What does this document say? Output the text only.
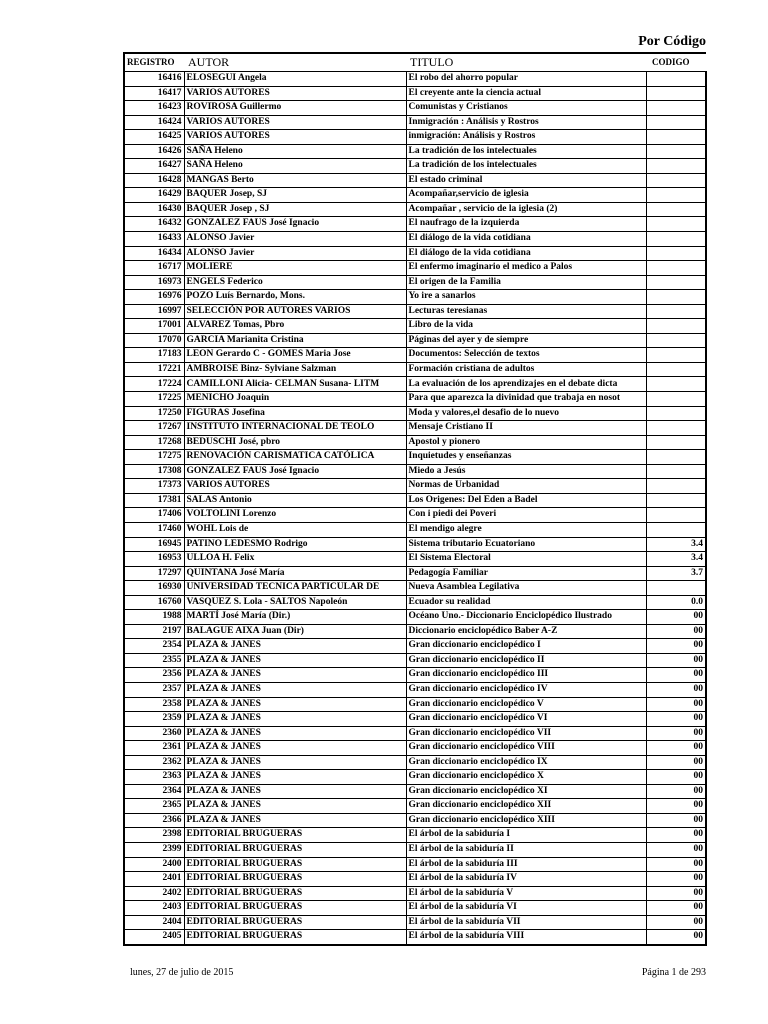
Por Código
REGISTRO	AUTOR	TITULO	CODIGO
16416	ELOSEGUI Angela	El robo del ahorro popular	
16417	VARIOS AUTORES	El creyente ante la ciencia actual	
16423	ROVIROSA Guillermo	Comunistas y Cristianos	
16424	VARIOS AUTORES	Inmigración : Análisis y Rostros	
16425	VARIOS AUTORES	inmigración: Análisis y Rostros	
16426	SAÑA Heleno	La tradición de los intelectuales	
16427	SAÑA Heleno	La tradición de los intelectuales	
16428	MANGAS Berto	El estado criminal	
16429	BAQUER Josep, SJ	Acompañar,servicio de iglesia	
16430	BAQUER Josep , SJ	Acompañar , servicio de la iglesia (2)	
16432	GONZALEZ FAUS José Ignacio	El naufrago de la izquierda	
16433	ALONSO Javier	El diálogo de la vida cotidiana	
16434	ALONSO Javier	El diálogo de la vida cotidiana	
16717	MOLIERE	El enfermo imaginario el medico a Palos	
16973	ENGELS Federico	El origen de la Familia	
16976	POZO Luís Bernardo, Mons.	Yo ire a sanarlos	
16997	SELECCIÓN POR AUTORES VARIOS	Lecturas teresianas	
17001	ALVAREZ Tomas, Pbro	Libro de la vida	
17070	GARCIA Marianita Cristina	Páginas del ayer y de siempre	
17183	LEON Gerardo C - GOMES Maria Jose	Documentos: Selección de textos	
17221	AMBROISE Binz- Sylviane Salzman	Formación cristiana de adultos	
17224	CAMILLONI Alicia- CELMAN Susana- LITM	La evaluación de los aprendizajes en el debate dicta	
17225	MENICHO Joaquin	Para que aparezca la divinidad que trabaja en nosot	
17250	FIGURAS Josefina	Moda y valores,el desafio de lo nuevo	
17267	INSTITUTO INTERNACIONAL DE TEOLO	Mensaje Cristiano II	
17268	BEDUSCHI José, pbro	Apostol y pionero	
17275	RENOVACIÓN CARISMATICA CATÓLICA	Inquietudes y enseñanzas	
17308	GONZALEZ FAUS José Ignacio	Miedo a Jesús	
17373	VARIOS AUTORES	Normas de Urbanidad	
17381	SALAS Antonio	Los Origenes: Del Eden a Badel	
17406	VOLTOLINI Lorenzo	Con i piedi dei Poveri	
17460	WOHL Lois de	El mendigo alegre	
16945	PATINO LEDESMO Rodrigo	Sistema tributario Ecuatoriano	3.4
16953	ULLOA H. Felix	El Sistema Electoral	3.4
17297	QUINTANA José María	Pedagogía Familiar	3.7
16930	UNIVERSIDAD TECNICA PARTICULAR DE	Nueva Asamblea Legilativa	
16760	VASQUEZ S. Lola - SALTOS Napoleón	Ecuador su realidad	0.0
1988	MARTÍ José María (Dir.)	Océano Uno.- Diccionario Enciclopédico Ilustrado	00
2197	BALAGUE AIXA Juan (Dir)	Diccionario enciclopédico Baber A-Z	00
2354	PLAZA & JANES	Gran diccionario enciclopédico I	00
2355	PLAZA & JANES	Gran diccionario enciclopédico II	00
2356	PLAZA & JANES	Gran diccionario enciclopédico III	00
2357	PLAZA & JANES	Gran diccionario enciclopédico IV	00
2358	PLAZA & JANES	Gran diccionario enciclopédico V	00
2359	PLAZA & JANES	Gran diccionario enciclopédico VI	00
2360	PLAZA & JANES	Gran diccionario enciclopédico VII	00
2361	PLAZA & JANES	Gran diccionario enciclopédico VIII	00
2362	PLAZA & JANES	Gran diccionario enciclopédico IX	00
2363	PLAZA & JANES	Gran diccionario enciclopédico X	00
2364	PLAZA & JANES	Gran diccionario enciclopédico XI	00
2365	PLAZA & JANES	Gran diccionario enciclopédico XII	00
2366	PLAZA & JANES	Gran diccionario enciclopédico XIII	00
2398	EDITORIAL BRUGUERAS	El árbol de la sabiduría I	00
2399	EDITORIAL BRUGUERAS	El árbol de la sabiduría II	00
2400	EDITORIAL BRUGUERAS	El árbol de la sabiduría III	00
2401	EDITORIAL BRUGUERAS	El árbol de la sabiduría IV	00
2402	EDITORIAL BRUGUERAS	El árbol de la sabiduría V	00
2403	EDITORIAL BRUGUERAS	El árbol de la sabiduría VI	00
2404	EDITORIAL BRUGUERAS	El árbol de la sabiduría VII	00
2405	EDITORIAL BRUGUERAS	El árbol de la sabiduría VIII	00
lunes, 27 de julio de 2015	Página 1 de 293
